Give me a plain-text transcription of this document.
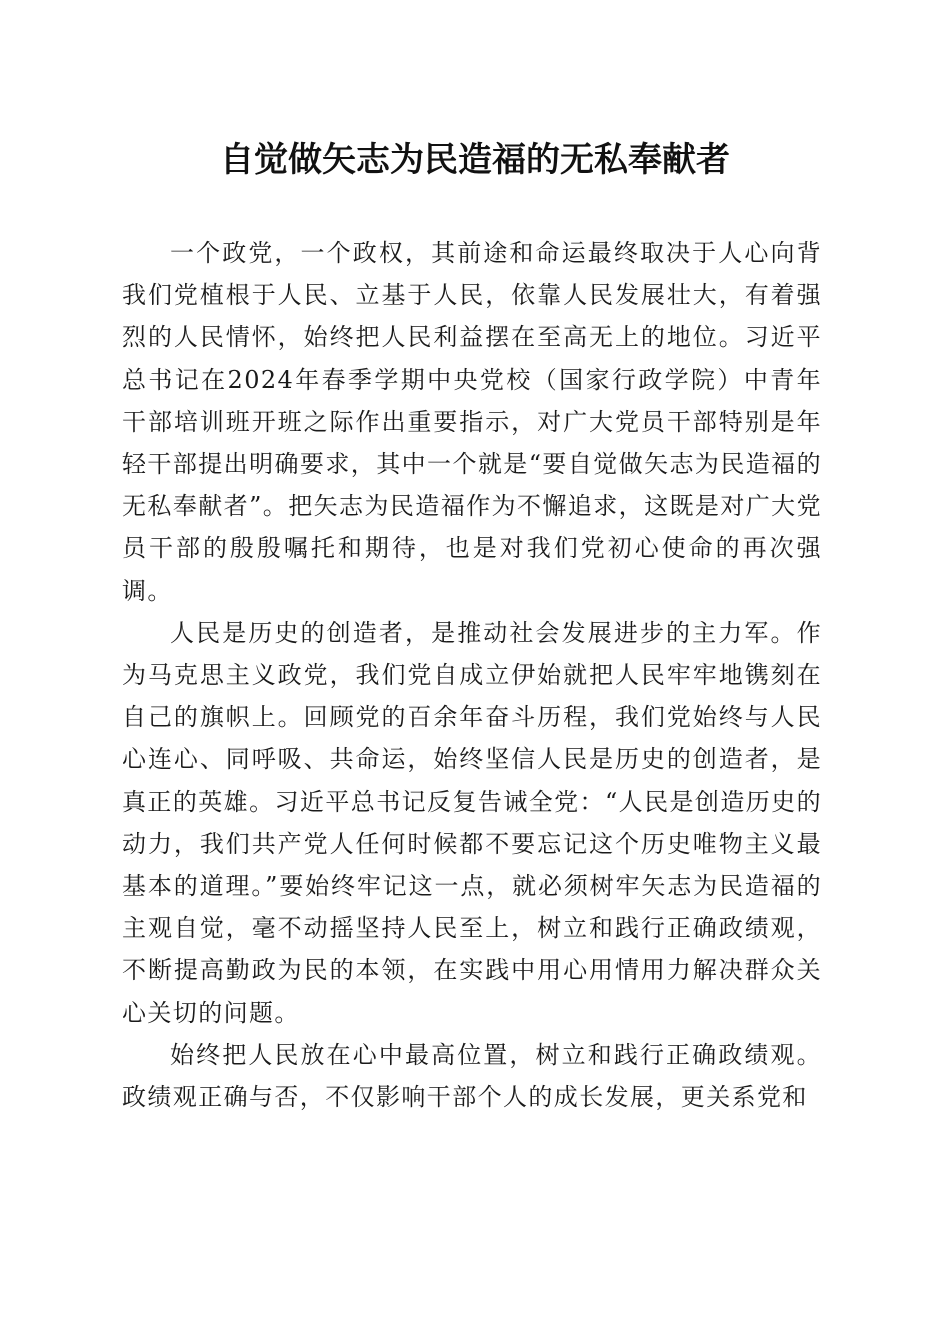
自觉做矢志为民造福的无私奉献者

一个政党，一个政权，其前途和命运最终取决于人心向背我们党植根于人民、立基于人民，依靠人民发展壮大，有着强烈的人民情怀，始终把人民利益摆在至高无上的地位。习近平总书记在2024年春季学期中央党校（国家行政学院）中青年干部培训班开班之际作出重要指示，对广大党员干部特别是年轻干部提出明确要求，其中一个就是“要自觉做矢志为民造福的无私奉献者”。把矢志为民造福作为不懈追求，这既是对广大党员干部的殷殷嘱托和期待，也是对我们党初心使命的再次强调。

人民是历史的创造者，是推动社会发展进步的主力军。作为马克思主义政党，我们党自成立伊始就把人民牢牢地镌刻在自己的旗帜上。回顾党的百余年奋斗历程，我们党始终与人民心连心、同呼吸、共命运，始终坚信人民是历史的创造者，是真正的英雄。习近平总书记反复告诫全党：“人民是创造历史的动力，我们共产党人任何时候都不要忘记这个历史唯物主义最基本的道理。”要始终牢记这一点，就必须树牢矢志为民造福的主观自觉，毫不动摇坚持人民至上，树立和践行正确政绩观，不断提高勤政为民的本领，在实践中用心用情用力解决群众关心关切的问题。

始终把人民放在心中最高位置，树立和践行正确政绩观。政绩观正确与否，不仅影响干部个人的成长发展，更关系党和
